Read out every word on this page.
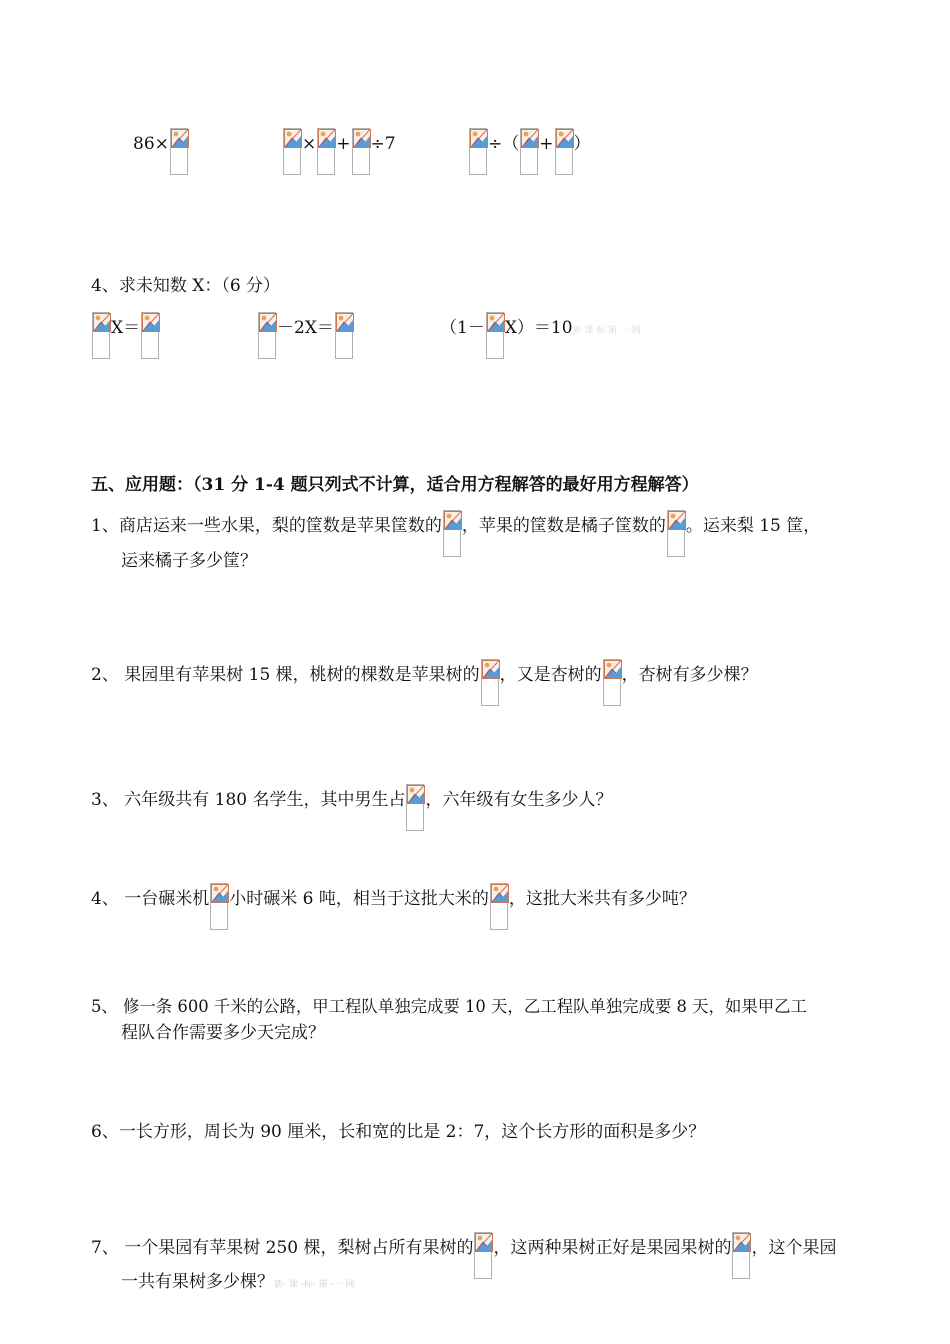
86×	× + ÷7	÷（ + ）
4、求未知数 X：（6 分）
X＝	－2X＝	（1－ X）＝10新 课 标 第 一 网
五、应用题：（31 分 1-4 题只列式不计算，适合用方程解答的最好用方程解答）
1、商店运来一些水果，梨的筐数是苹果筐数的 ，苹果的筐数是橘子筐数的 。运来梨 15 筐，
运来橘子多少筐？
2、 果园里有苹果树 15 棵，桃树的棵数是苹果树的 ，又是杏树的 ，杏树有多少棵？
3、 六年级共有 180 名学生，其中男生占 ，六年级有女生多少人？
4、 一台碾米机 小时碾米 6 吨，相当于这批大米的 ，这批大米共有多少吨？
5、 修一条 600 千米的公路，甲工程队单独完成要 10 天，乙工程队单独完成要 8 天，如果甲乙工
程队合作需要多少天完成？
6、一长方形，周长为 90 厘米，长和宽的比是 2：7，这个长方形的面积是多少？
7、 一个果园有苹果树 250 棵，梨树占所有果树的 ，这两种果树正好是果园果树的 ，这个果园
一共有果树多少棵？新- 课 -标- 第 -一 网
